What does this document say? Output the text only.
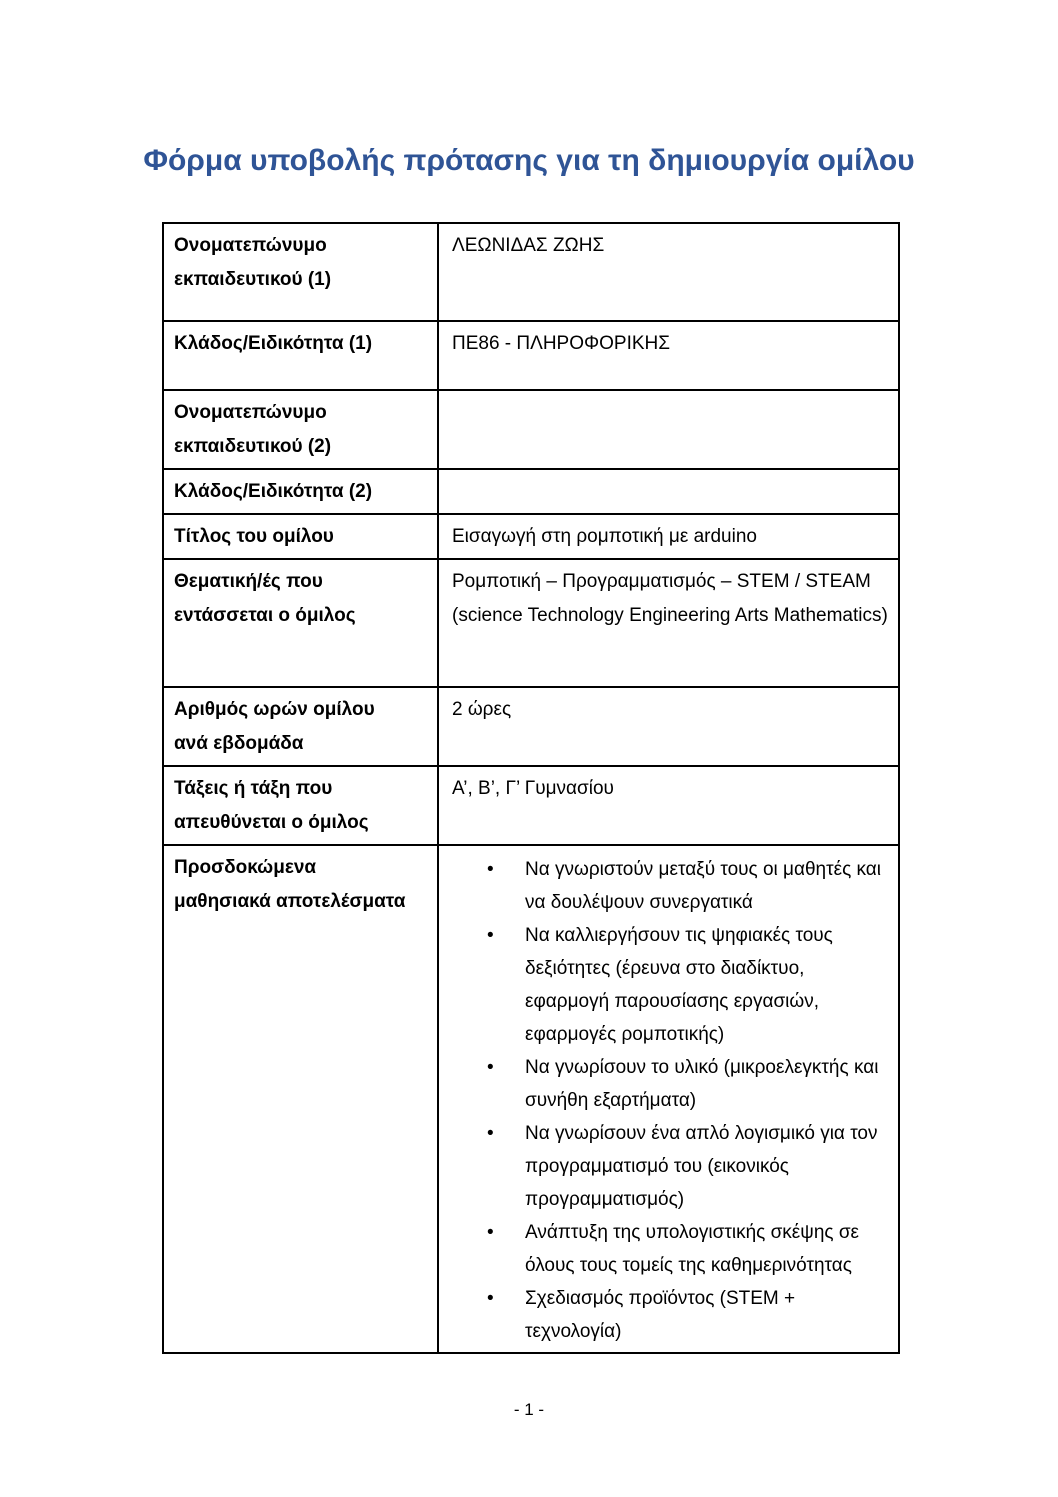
Φόρμα υποβολής πρότασης για τη δημιουργία ομίλου
Ονοματεπώνυμο εκπαιδευτικού (1)	ΛΕΩΝΙΔΑΣ ΖΩΗΣ
Κλάδος/Ειδικότητα (1)	ΠΕ86 - ΠΛΗΡΟΦΟΡΙΚΗΣ
Ονοματεπώνυμο εκπαιδευτικού (2)	
Κλάδος/Ειδικότητα (2)	
Τίτλος του ομίλου	Εισαγωγή στη ρομποτική με arduino
Θεματική/ές που εντάσσεται ο όμιλος	Ρομποτική – Προγραμματισμός – STEM / STEAM (science Technology Engineering Arts Mathematics)
Αριθμός ωρών ομίλου ανά εβδομάδα	2 ώρες
Τάξεις ή τάξη που απευθύνεται ο όμιλος	Α’, Β’, Γ’ Γυμνασίου
Προσδοκώμενα μαθησιακά αποτελέσματα	
• Να γνωριστούν μεταξύ τους οι μαθητές και να δουλέψουν συνεργατικά
• Να καλλιεργήσουν τις ψηφιακές τους δεξιότητες (έρευνα στο διαδίκτυο, εφαρμογή παρουσίασης εργασιών, εφαρμογές ρομποτικής)
• Να γνωρίσουν το υλικό (μικροελεγκτής και συνήθη εξαρτήματα)
• Να γνωρίσουν ένα απλό λογισμικό για τον προγραμματισμό του (εικονικός προγραμματισμός)
• Ανάπτυξη της υπολογιστικής σκέψης σε όλους τους τομείς της καθημερινότητας
• Σχεδιασμός προϊόντος (STEM + τεχνολογία)
- 1 -
